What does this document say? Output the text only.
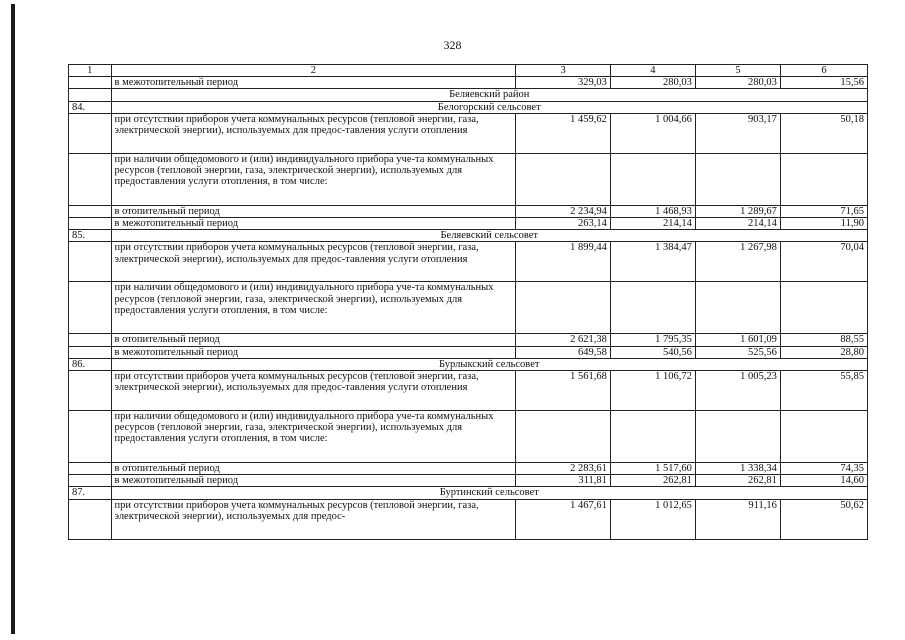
328
1	2	3	4	5	6
	в межотопительный период	329,03	280,03	280,03	15,56
	Беляевский район				
84.	Белогорский сельсовет				
	при отсутствии приборов учета коммунальных ресурсов (тепловой энергии, газа, электрической энергии), используемых для предос-тавления услуги отопления	1 459,62	1 004,66	903,17	50,18
	при наличии общедомового и (или) индивидуального прибора уче-та коммунальных ресурсов (тепловой энергии, газа, электрической энергии), используемых для предоставления услуги отопления, в том числе:				
	в отопительный период	2 234,94	1 468,93	1 289,67	71,65
	в межотопительный период	263,14	214,14	214,14	11,90
85.	Беляевский сельсовет				
	при отсутствии приборов учета коммунальных ресурсов (тепловой энергии, газа, электрической энергии), используемых для предос-тавления услуги отопления	1 899,44	1 384,47	1 267,98	70,04
	при наличии общедомового и (или) индивидуального прибора уче-та коммунальных ресурсов (тепловой энергии, газа, электрической энергии), используемых для предоставления услуги отопления, в том числе:				
	в отопительный период	2 621,38	1 795,35	1 601,09	88,55
	в межотопительный период	649,58	540,56	525,56	28,80
86.	Бурлыкский сельсовет				
	при отсутствии приборов учета коммунальных ресурсов (тепловой энергии, газа, электрической энергии), используемых для предос-тавления услуги отопления	1 561,68	1 106,72	1 005,23	55,85
	при наличии общедомового и (или) индивидуального прибора уче-та коммунальных ресурсов (тепловой энергии, газа, электрической энергии), используемых для предоставления услуги отопления, в том числе:				
	в отопительный период	2 283,61	1 517,60	1 338,34	74,35
	в межотопительный период	311,81	262,81	262,81	14,60
87.	Буртинский сельсовет				
	при отсутствии приборов учета коммунальных ресурсов (тепловой энергии, газа, электрической энергии), используемых для предос-	1 467,61	1 012,65	911,16	50,62
